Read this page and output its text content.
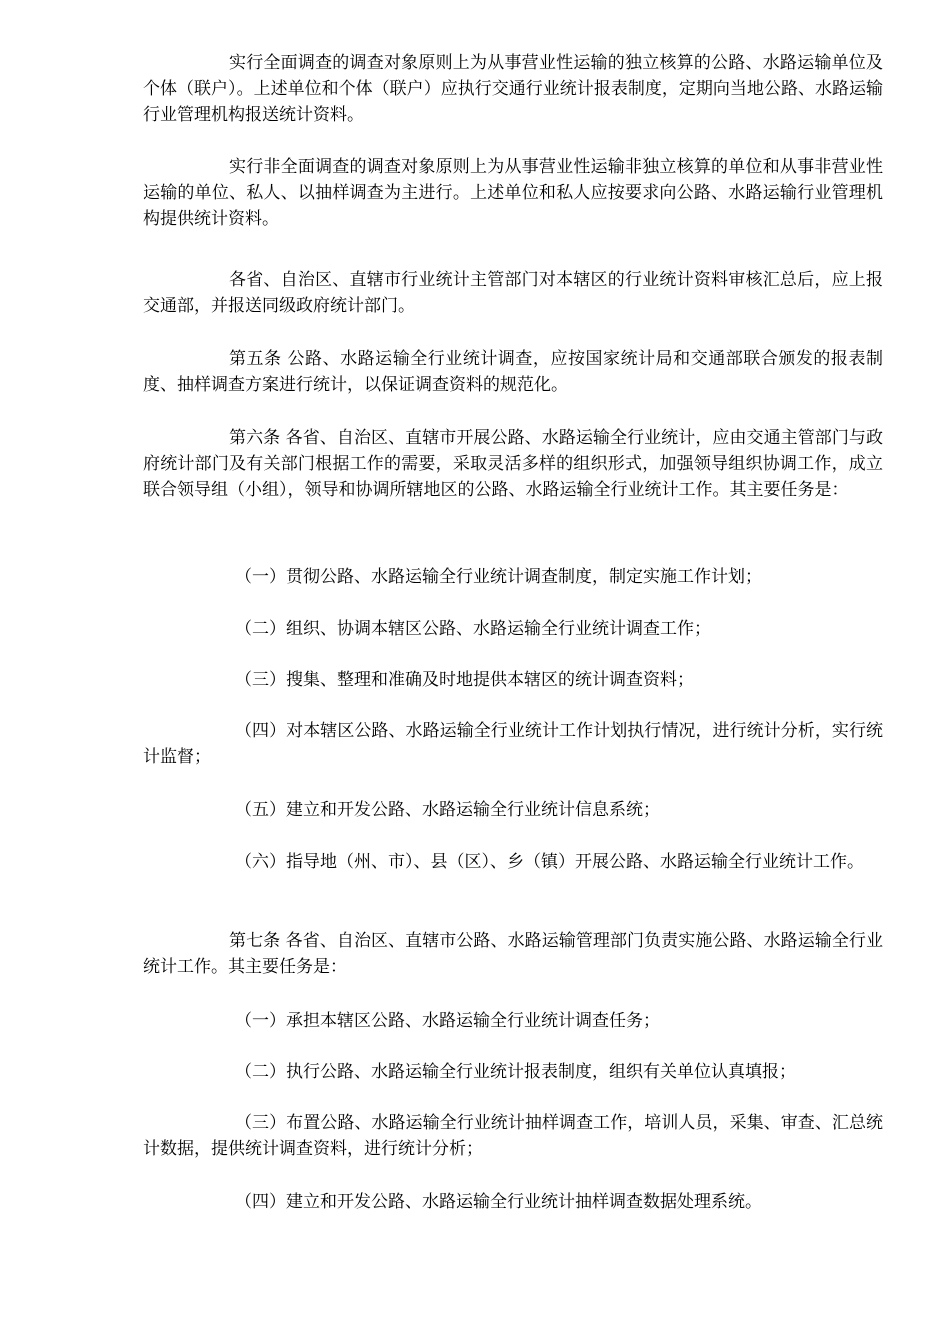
实行全面调查的调查对象原则上为从事营业性运输的独立核算的公路、水路运输单位及个体（联户）。上述单位和个体（联户）应执行交通行业统计报表制度，定期向当地公路、水路运输行业管理机构报送统计资料。

实行非全面调查的调查对象原则上为从事营业性运输非独立核算的单位和从事非营业性运输的单位、私人、以抽样调查为主进行。上述单位和私人应按要求向公路、水路运输行业管理机构提供统计资料。

各省、自治区、直辖市行业统计主管部门对本辖区的行业统计资料审核汇总后，应上报交通部，并报送同级政府统计部门。

第五条 公路、水路运输全行业统计调查，应按国家统计局和交通部联合颁发的报表制度、抽样调查方案进行统计，以保证调查资料的规范化。

第六条 各省、自治区、直辖市开展公路、水路运输全行业统计，应由交通主管部门与政府统计部门及有关部门根据工作的需要，采取灵活多样的组织形式，加强领导组织协调工作，成立联合领导组（小组），领导和协调所辖地区的公路、水路运输全行业统计工作。其主要任务是：

（一）贯彻公路、水路运输全行业统计调查制度，制定实施工作计划；

（二）组织、协调本辖区公路、水路运输全行业统计调查工作；

（三）搜集、整理和准确及时地提供本辖区的统计调查资料；

（四）对本辖区公路、水路运输全行业统计工作计划执行情况，进行统计分析，实行统计监督；

（五）建立和开发公路、水路运输全行业统计信息系统；

（六）指导地（州、市）、县（区）、乡（镇）开展公路、水路运输全行业统计工作。

第七条 各省、自治区、直辖市公路、水路运输管理部门负责实施公路、水路运输全行业统计工作。其主要任务是：

（一）承担本辖区公路、水路运输全行业统计调查任务；

（二）执行公路、水路运输全行业统计报表制度，组织有关单位认真填报；

（三）布置公路、水路运输全行业统计抽样调查工作，培训人员，采集、审查、汇总统计数据，提供统计调查资料，进行统计分析；

（四）建立和开发公路、水路运输全行业统计抽样调查数据处理系统。
